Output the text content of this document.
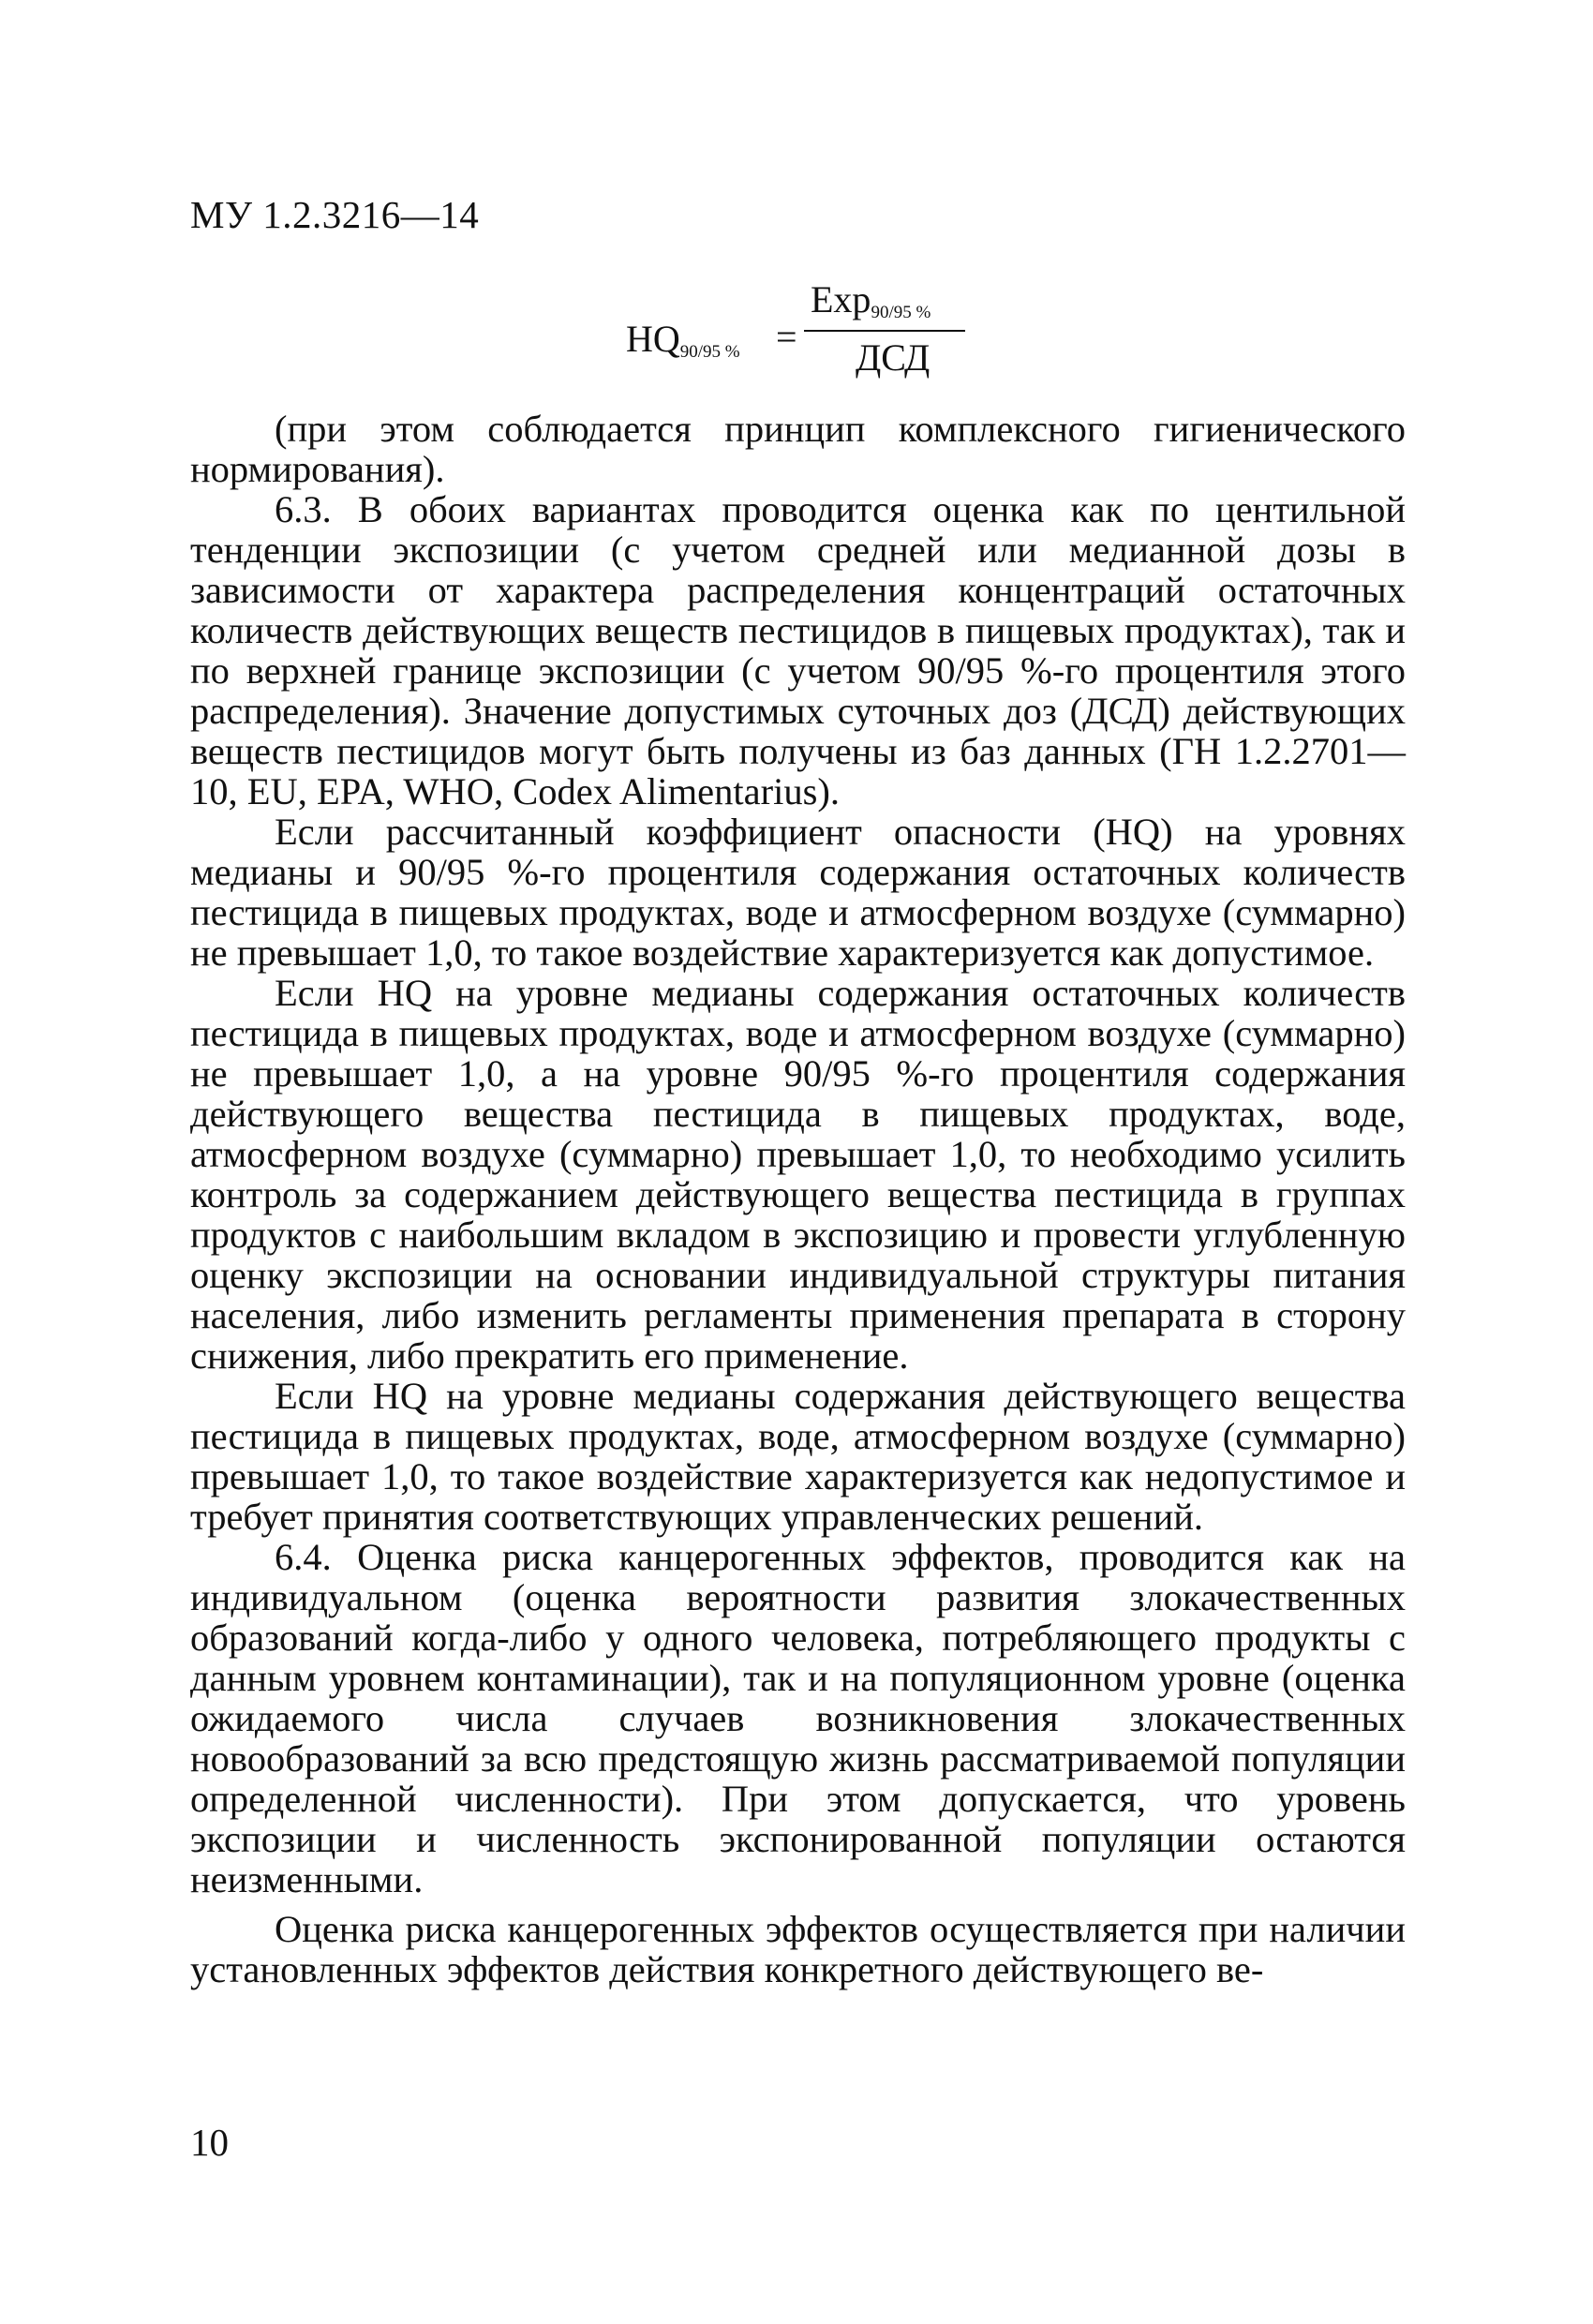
МУ 1.2.3216—14
$HQ_{90/95 \%}$ =
Exp$_{90/95 \%}$
ДСД

(при этом соблюдается принцип комплексного гигиенического нормирования).

6.3. В обоих вариантах проводится оценка как по центильной тенденции экспозиции (с учетом средней или медианной дозы в зависимости от характера распределения концентраций остаточных количеств действующих веществ пестицидов в пищевых продуктах), так и по верхней границе экспозиции (с учетом 90/95 %-го процентиля этого распределения). Значение допустимых суточных доз (ДСД) действующих веществ пестицидов могут быть получены из баз данных (ГН 1.2.2701—10, EU, EPA, WHO, Codex Alimentarius).

Если рассчитанный коэффициент опасности (HQ) на уровнях медианы и 90/95 %-го процентиля содержания остаточных количеств пестицида в пищевых продуктах, воде и атмосферном воздухе (суммарно) не превышает 1,0, то такое воздействие характеризуется как допустимое.

Если HQ на уровне медианы содержания остаточных количеств пестицида в пищевых продуктах, воде и атмосферном воздухе (суммарно) не превышает 1,0, а на уровне 90/95 %-го процентиля содержания действующего вещества пестицида в пищевых продуктах, воде, атмосферном воздухе (суммарно) превышает 1,0, то необходимо усилить контроль за содержанием действующего вещества пестицида в группах продуктов с наибольшим вкладом в экспозицию и провести углубленную оценку экспозиции на основании индивидуальной структуры питания населения, либо изменить регламенты применения препарата в сторону снижения, либо прекратить его применение.

Если HQ на уровне медианы содержания действующего вещества пестицида в пищевых продуктах, воде, атмосферном воздухе (суммарно) превышает 1,0, то такое воздействие характеризуется как недопустимое и требует принятия соответствующих управленческих решений.

6.4. Оценка риска канцерогенных эффектов, проводится как на индивидуальном (оценка вероятности развития злокачественных образований когда-либо у одного человека, потребляющего продукты с данным уровнем контаминации), так и на популяционном уровне (оценка ожидаемого числа случаев возникновения злокачественных новообразований за всю предстоящую жизнь рассматриваемой популяции определенной численности). При этом допускается, что уровень экспозиции и численность экспонированной популяции остаются неизменными.

Оценка риска канцерогенных эффектов осуществляется при наличии установленных эффектов действия конкретного действующего ве-

10
